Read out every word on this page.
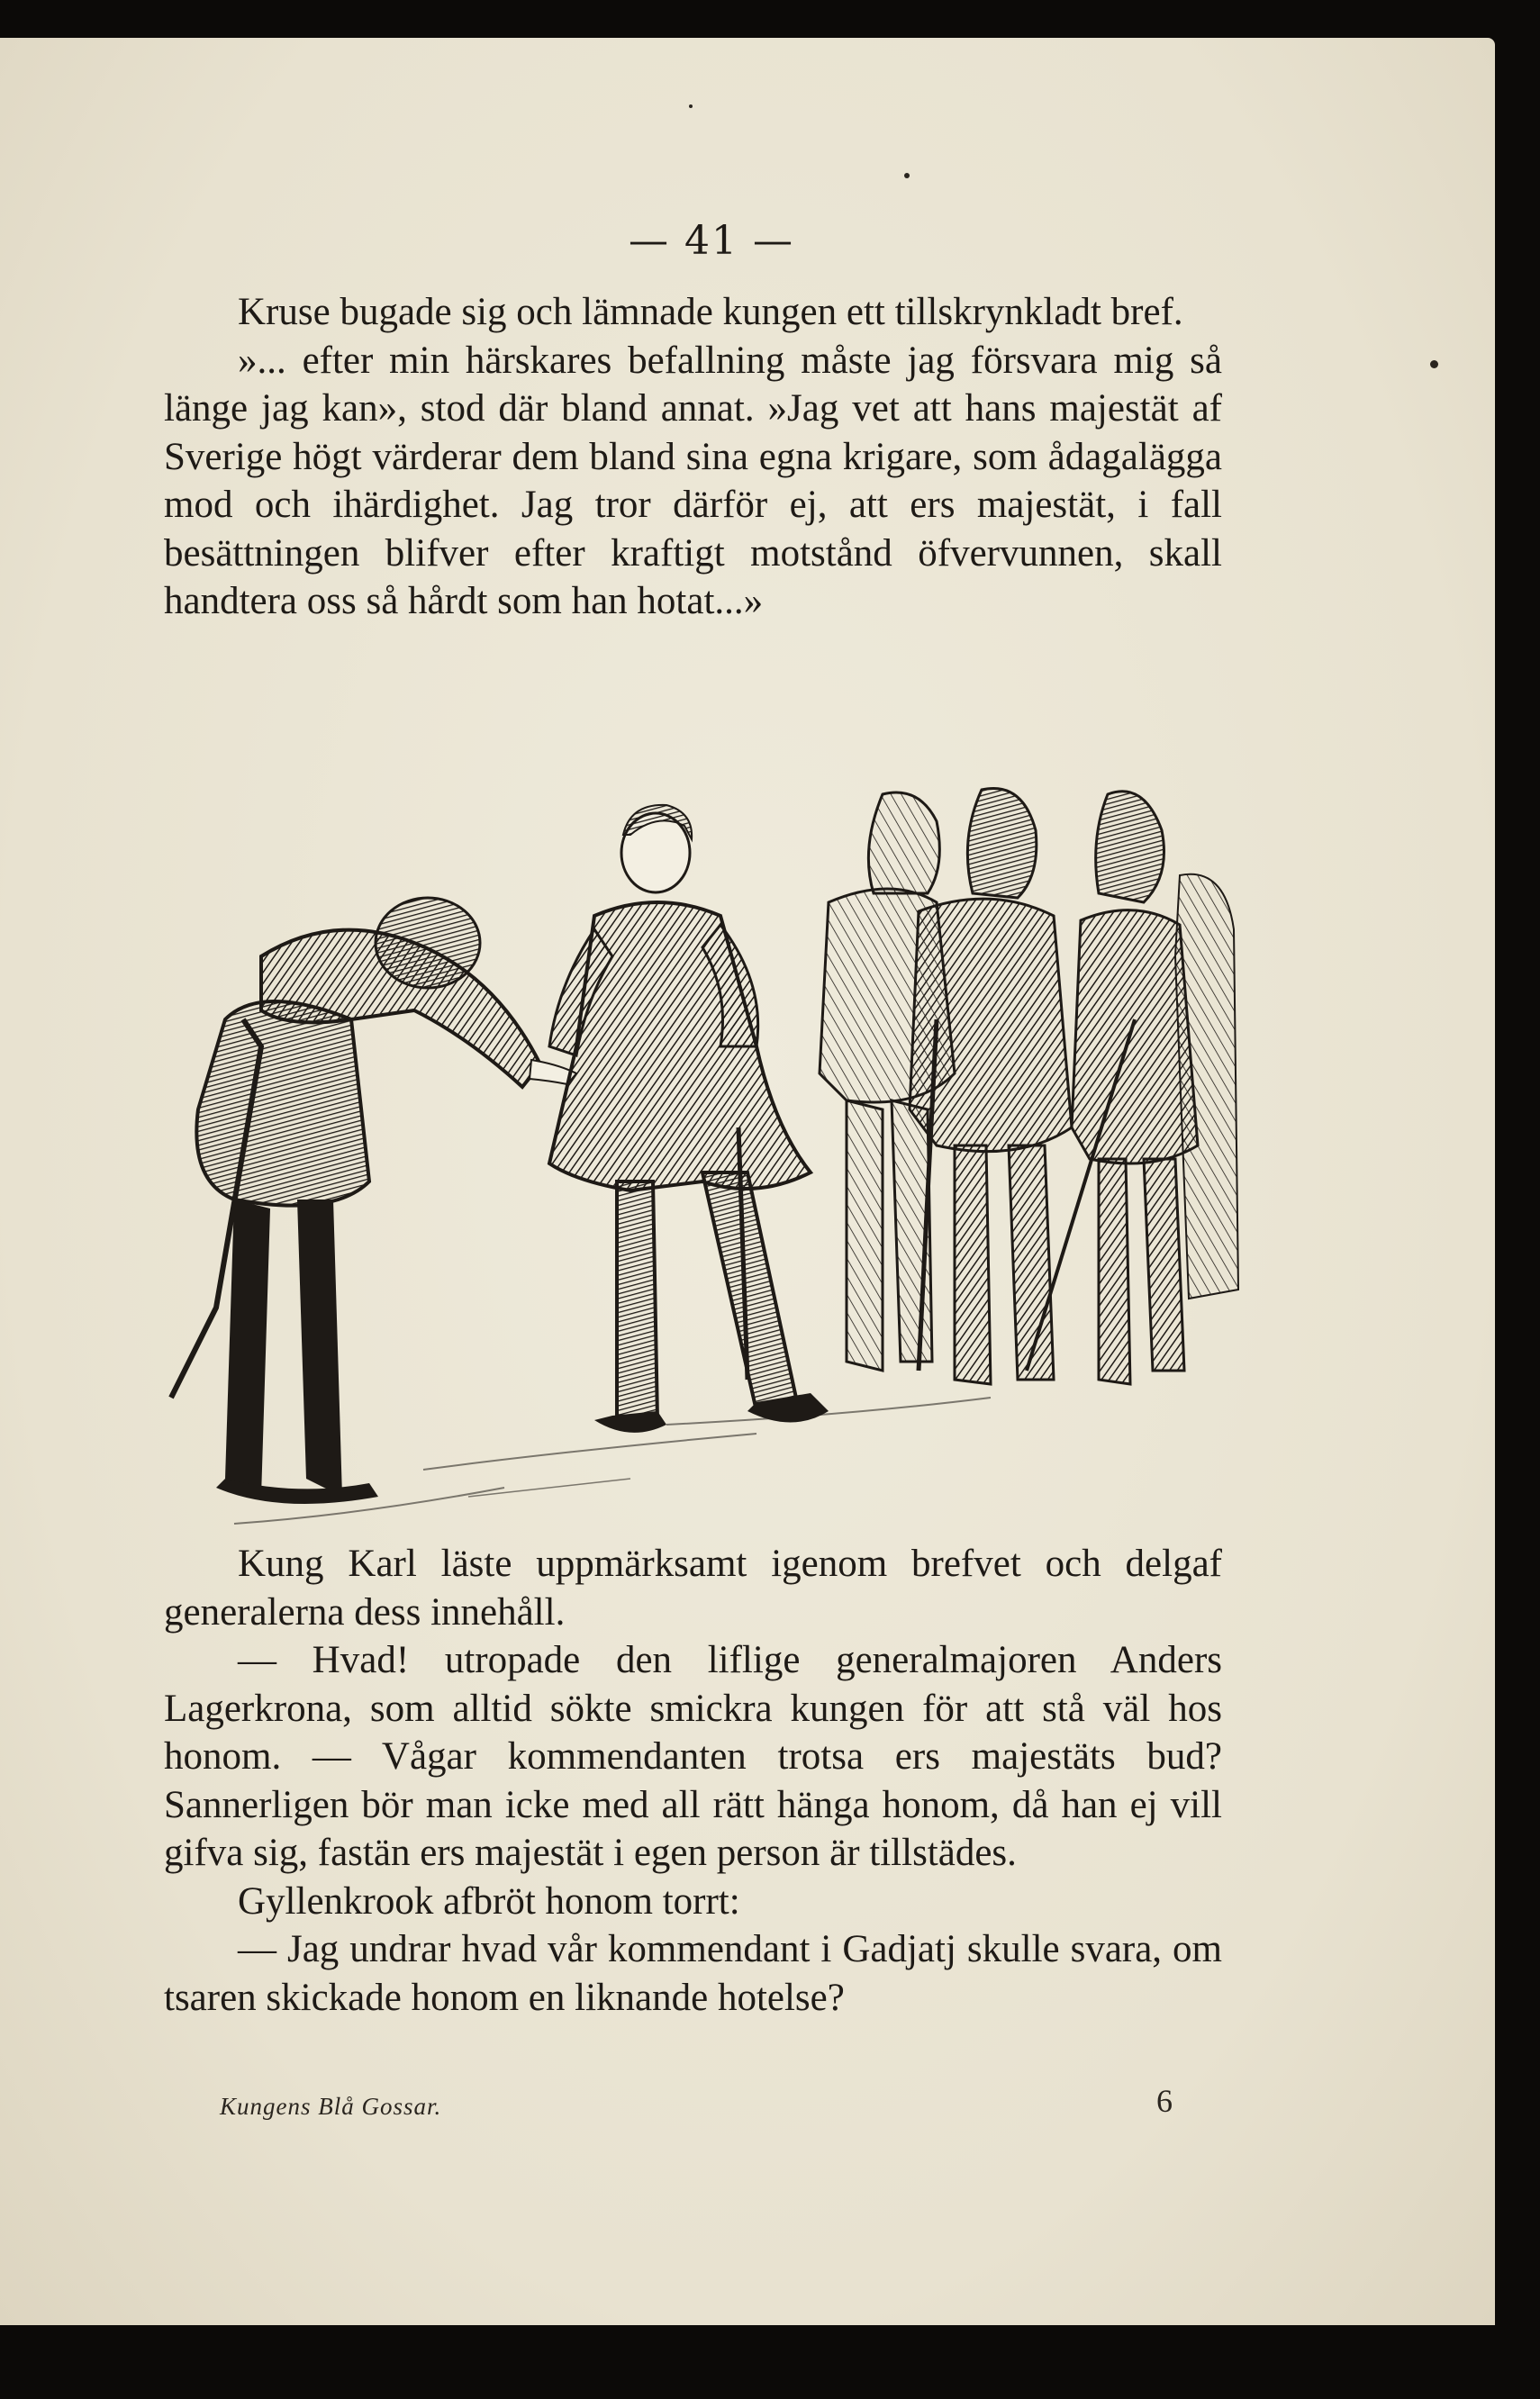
— 41 —

Kruse bugade sig och lämnade kungen ett tillskrynkladt bref.

»... efter min härskares befallning måste jag försvara mig så länge jag kan», stod där bland annat. »Jag vet att hans majestät af Sverige högt värderar dem bland sina egna krigare, som ådagalägga mod och ihärdighet. Jag tror därför ej, att ers majestät, i fall besättningen blifver efter kraftigt motstånd öfvervunnen, skall handtera oss så hårdt som han hotat...»

Kung Karl läste uppmärksamt igenom brefvet och delgaf generalerna dess innehåll.

— Hvad! utropade den liflige generalmajoren Anders Lagerkrona, som alltid sökte smickra kungen för att stå väl hos honom. — Vågar kommendanten trotsa ers majestäts bud? Sannerligen bör man icke med all rätt hänga honom, då han ej vill gifva sig, fastän ers majestät i egen person är tillstädes.

Gyllenkrook afbröt honom torrt:

— Jag undrar hvad vår kommendant i Gadjatj skulle svara, om tsaren skickade honom en liknande hotelse?

Kungens Blå Gossar.	6
